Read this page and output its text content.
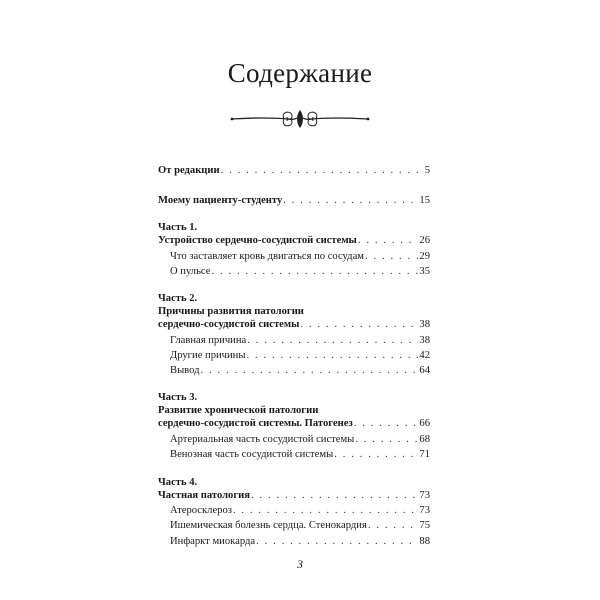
Содержание
От редакции . . .	5
Моему пациенту-студенту . . .	15
Часть 1.
Устройство сердечно-сосудистой системы . . .	26
Что заставляет кровь двигаться по сосудам . . .	29
О пульсе . . .	35
Часть 2.
Причины развития патологии
сердечно-сосудистой системы . . .	38
Главная причина . . .	38
Другие причины . . .	42
Вывод . . .	64
Часть 3.
Развитие хронической патологии
сердечно-сосудистой системы. Патогенез . . .	66
Артериальная часть сосудистой системы . . .	68
Венозная часть сосудистой системы . . .	71
Часть 4.
Частная патология . . .	73
Атеросклероз . . .	73
Ишемическая болезнь сердца. Стенокардия . . .	75
Инфаркт миокарда . . .	88
3
